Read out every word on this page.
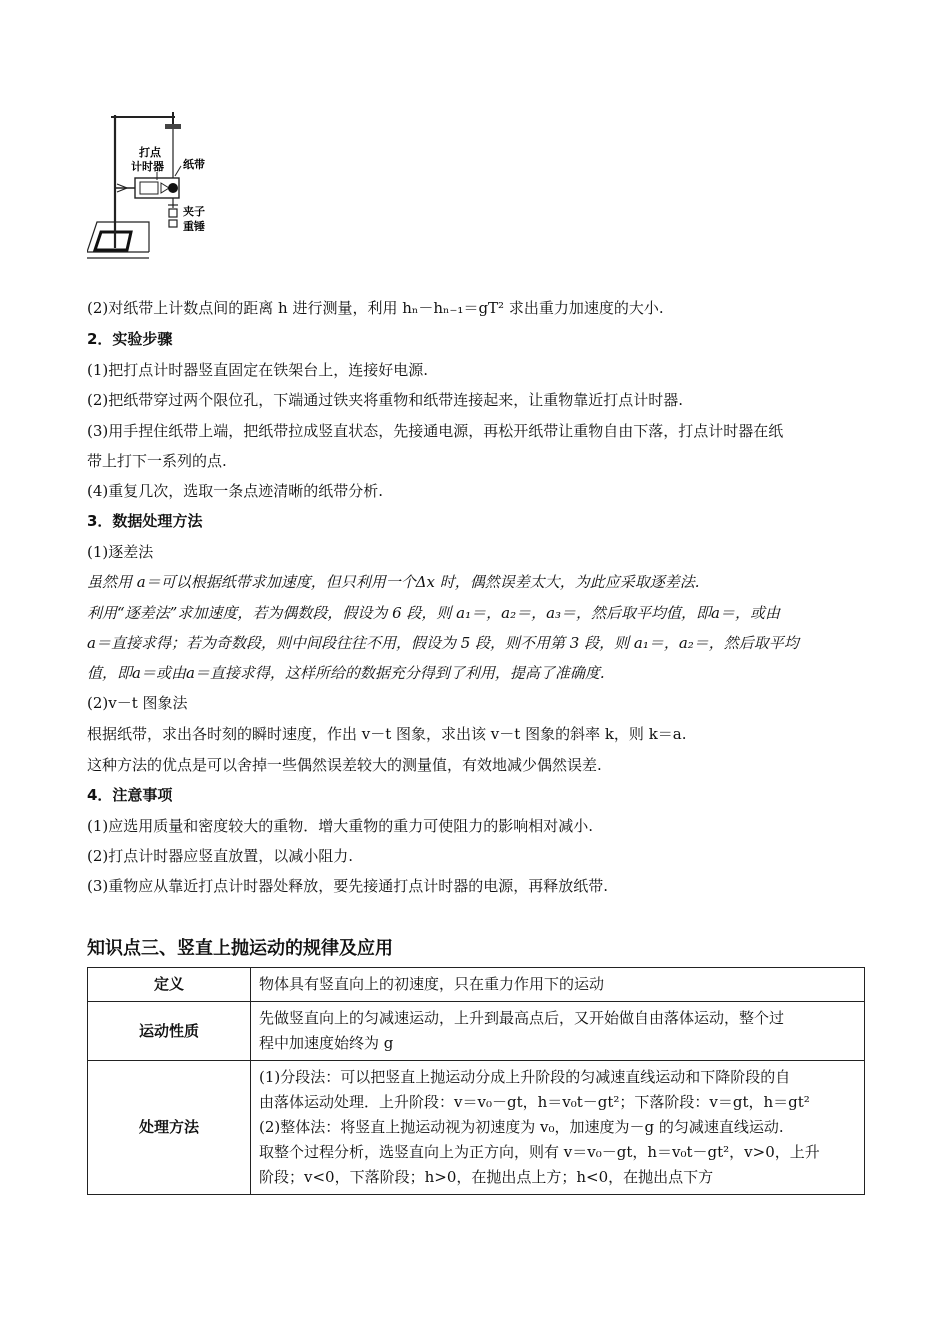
打点
计时器 纸带
夹子
重锤
(2)对纸带上计数点间的距离 h 进行测量，利用 hₙ－hₙ₋₁＝gT² 求出重力加速度的大小.
2．实验步骤
(1)把打点计时器竖直固定在铁架台上，连接好电源.
(2)把纸带穿过两个限位孔，下端通过铁夹将重物和纸带连接起来，让重物靠近打点计时器.
(3)用手捏住纸带上端，把纸带拉成竖直状态，先接通电源，再松开纸带让重物自由下落，打点计时器在纸
带上打下一系列的点.
(4)重复几次，选取一条点迹清晰的纸带分析.
3．数据处理方法
(1)逐差法
虽然用 a＝可以根据纸带求加速度，但只利用一个Δx 时，偶然误差太大，为此应采取逐差法.
利用“逐差法”求加速度，若为偶数段，假设为 6 段，则 a₁＝，a₂＝，a₃＝，然后取平均值，即a＝，或由
a＝直接求得；若为奇数段，则中间段往往不用，假设为 5 段，则不用第 3 段，则 a₁＝，a₂＝，然后取平均
值，即a＝或由a＝直接求得，这样所给的数据充分得到了利用，提高了准确度.
(2)v－t 图象法
根据纸带，求出各时刻的瞬时速度，作出 v－t 图象，求出该 v－t 图象的斜率 k，则 k＝a.
这种方法的优点是可以舍掉一些偶然误差较大的测量值，有效地减少偶然误差.
4．注意事项
(1)应选用质量和密度较大的重物．增大重物的重力可使阻力的影响相对减小.
(2)打点计时器应竖直放置，以减小阻力.
(3)重物应从靠近打点计时器处释放，要先接通打点计时器的电源，再释放纸带.
知识点三、竖直上抛运动的规律及应用
定义	物体具有竖直向上的初速度，只在重力作用下的运动
运动性质	先做竖直向上的匀减速运动，上升到最高点后，又开始做自由落体运动，整个过
程中加速度始终为 g

处理方法	(1)分段法：可以把竖直上抛运动分成上升阶段的匀减速直线运动和下降阶段的自
由落体运动处理．上升阶段：v＝v₀－gt，h＝v₀t－gt²；下落阶段：v＝gt，h＝gt²
(2)整体法：将竖直上抛运动视为初速度为 v₀，加速度为－g 的匀减速直线运动.
取整个过程分析，选竖直向上为正方向，则有 v＝v₀－gt，h＝v₀t－gt²，v>0，上升
阶段；v<0，下落阶段；h>0，在抛出点上方；h<0，在抛出点下方
